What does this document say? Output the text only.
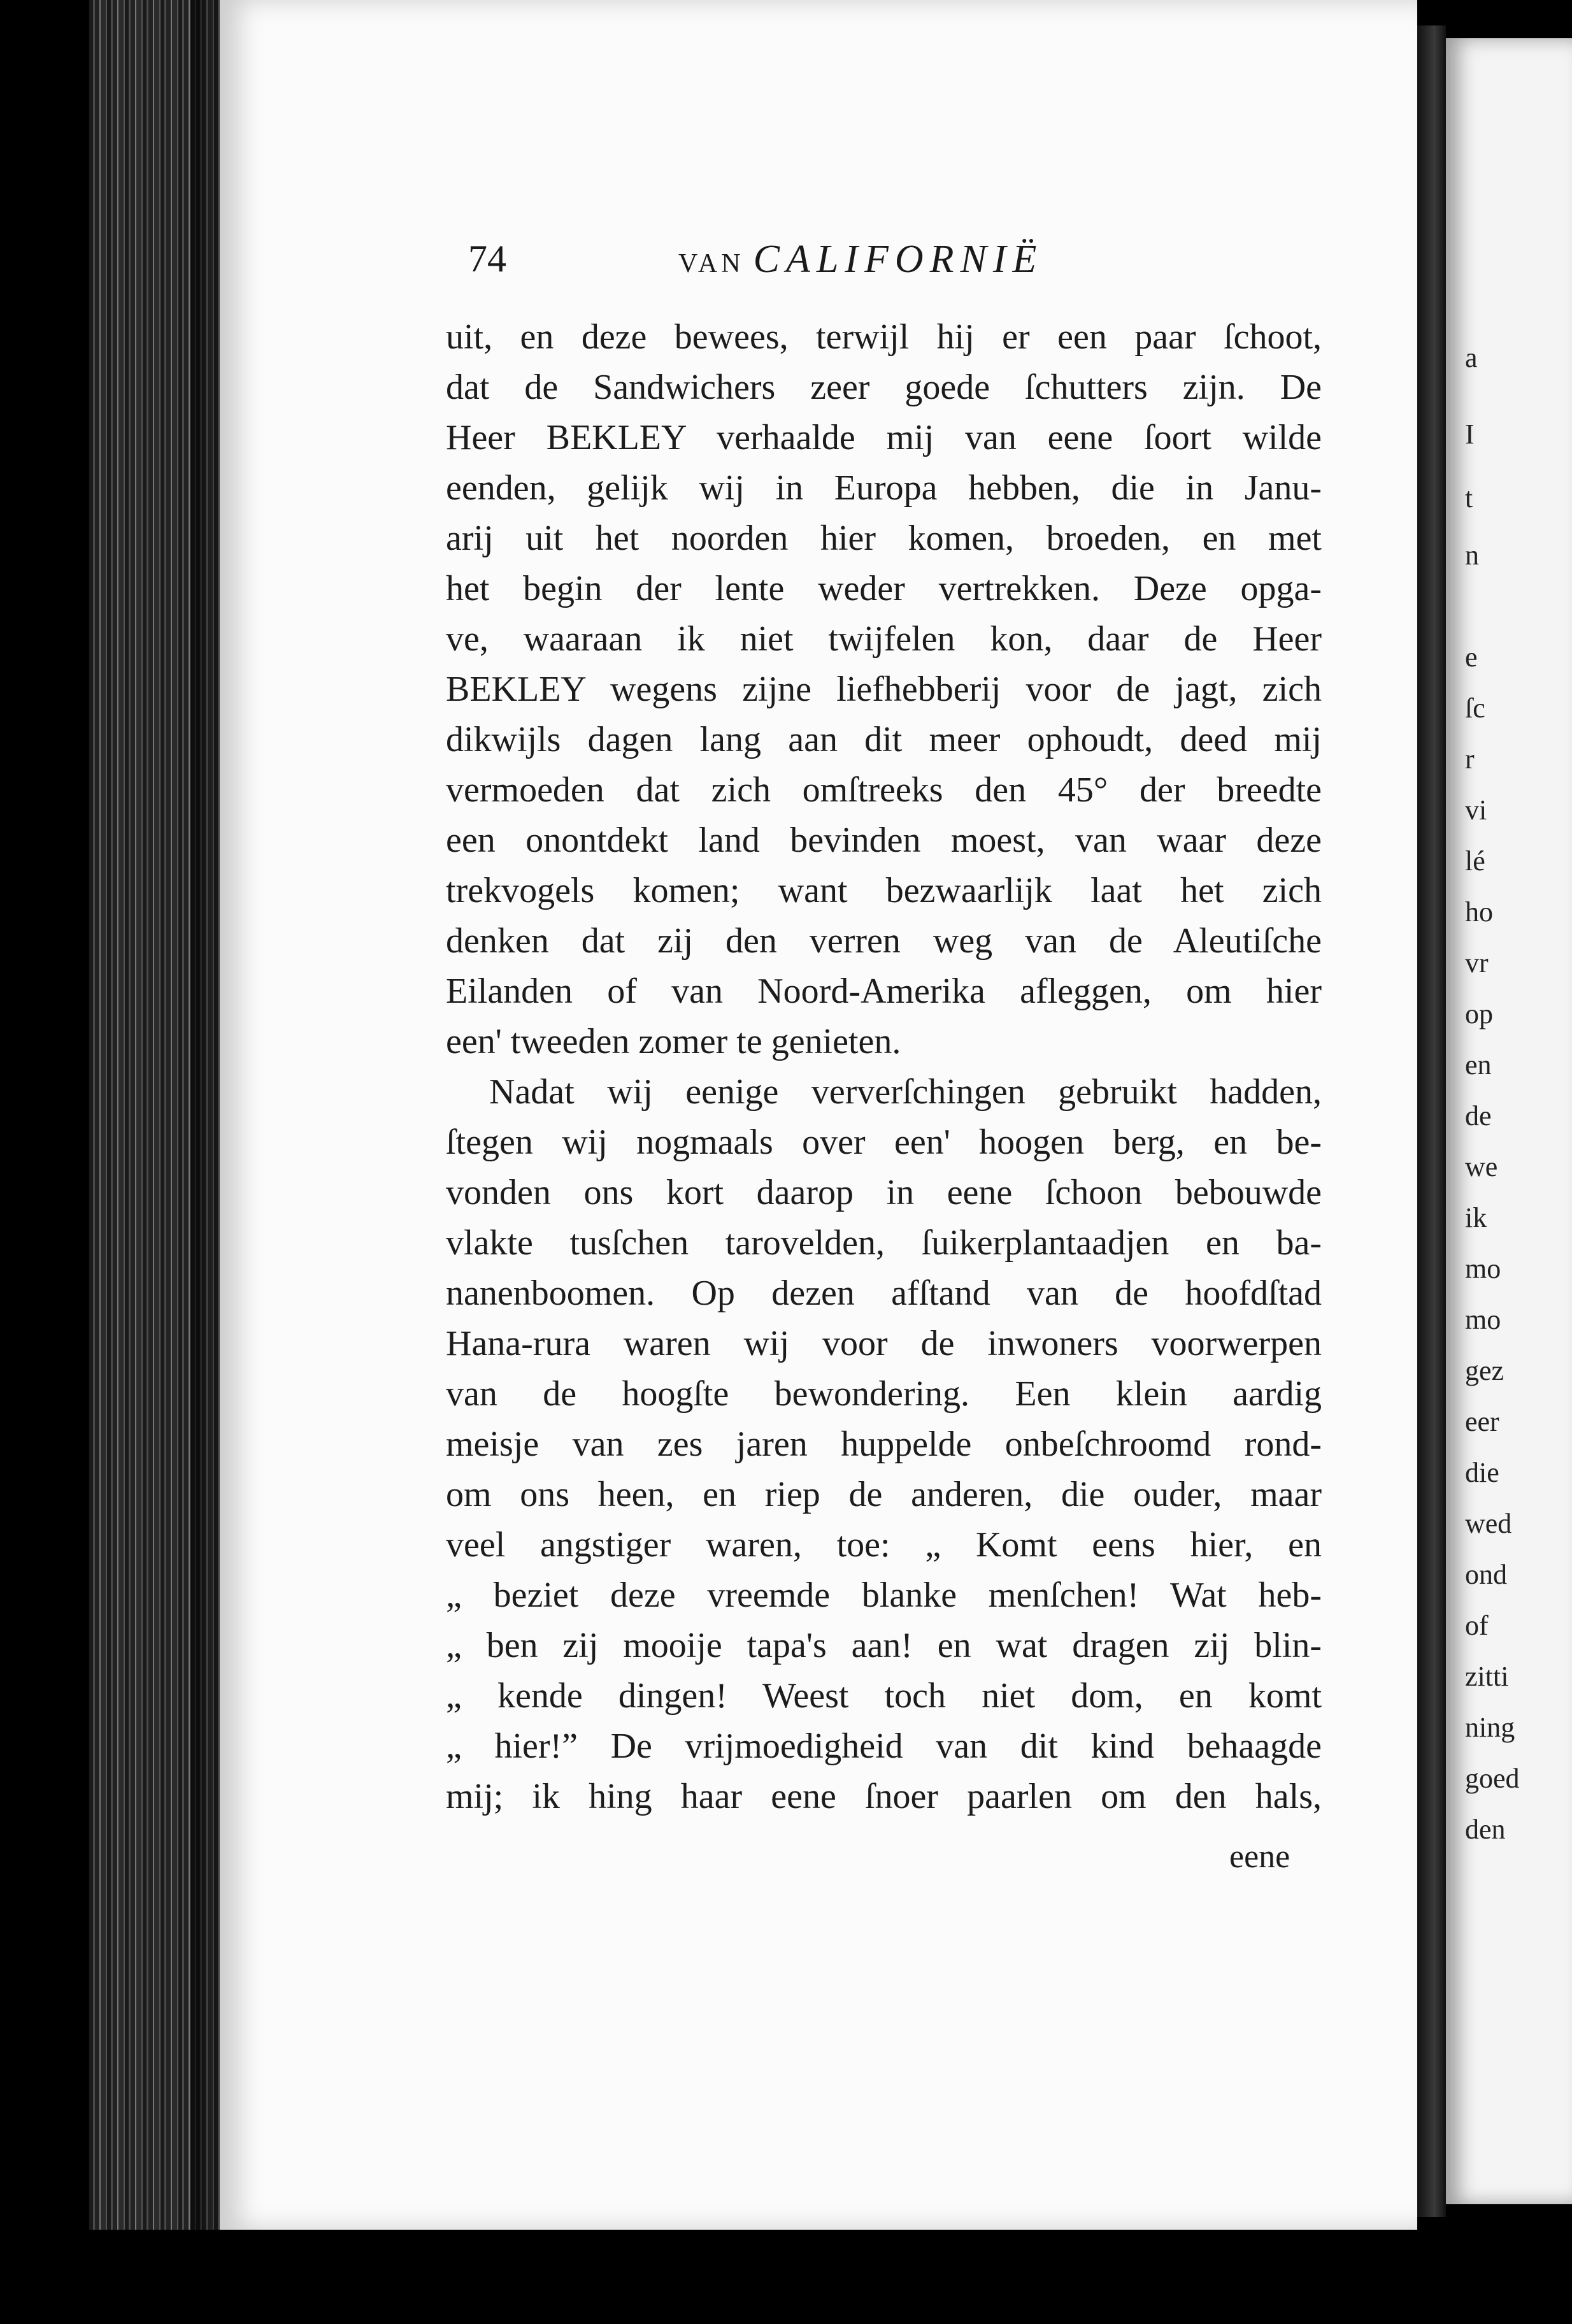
74	VAN CALIFORNIË
uit, en deze bewees, terwijl hij er een paar ſchoot,
dat de Sandwichers zeer goede ſchutters zijn. De
Heer BEKLEY verhaalde mij van eene ſoort wilde
eenden, gelijk wij in Europa hebben, die in Janu-
arij uit het noorden hier komen, broeden, en met
het begin der lente weder vertrekken. Deze opga-
ve, waaraan ik niet twijfelen kon, daar de Heer
BEKLEY wegens zijne liefhebberij voor de jagt, zich
dikwijls dagen lang aan dit meer ophoudt, deed mij
vermoeden dat zich omſtreeks den 45° der breedte
een onontdekt land bevinden moest, van waar deze
trekvogels komen; want bezwaarlijk laat het zich
denken dat zij den verren weg van de Aleutiſche
Eilanden of van Noord-Amerika afleggen, om hier
een' tweeden zomer te genieten.
Nadat wij eenige ververſchingen gebruikt hadden,
ſtegen wij nogmaals over een' hoogen berg, en be-
vonden ons kort daarop in eene ſchoon bebouwde
vlakte tusſchen tarovelden, ſuikerplantaadjen en ba-
nanenboomen. Op dezen afſtand van de hoofdſtad
Hana-rura waren wij voor de inwoners voorwerpen
van de hoogſte bewondering. Een klein aardig
meisje van zes jaren huppelde onbeſchroomd rond-
om ons heen, en riep de anderen, die ouder, maar
veel angstiger waren, toe: „ Komt eens hier, en
„ beziet deze vreemde blanke menſchen! Wat heb-
„ ben zij mooije tapa's aan! en wat dragen zij blin-
„ kende dingen! Weest toch niet dom, en komt
„ hier!” De vrijmoedigheid van dit kind behaagde
mij; ik hing haar eene ſnoer paarlen om den hals,
eene
a
I
t
n
e
ſc
r
vi
lé
ho
vr
op
en
de
we
ik
mo
mo
gez
eer
die
wed
ond
of
zitti
ning
goed
den
